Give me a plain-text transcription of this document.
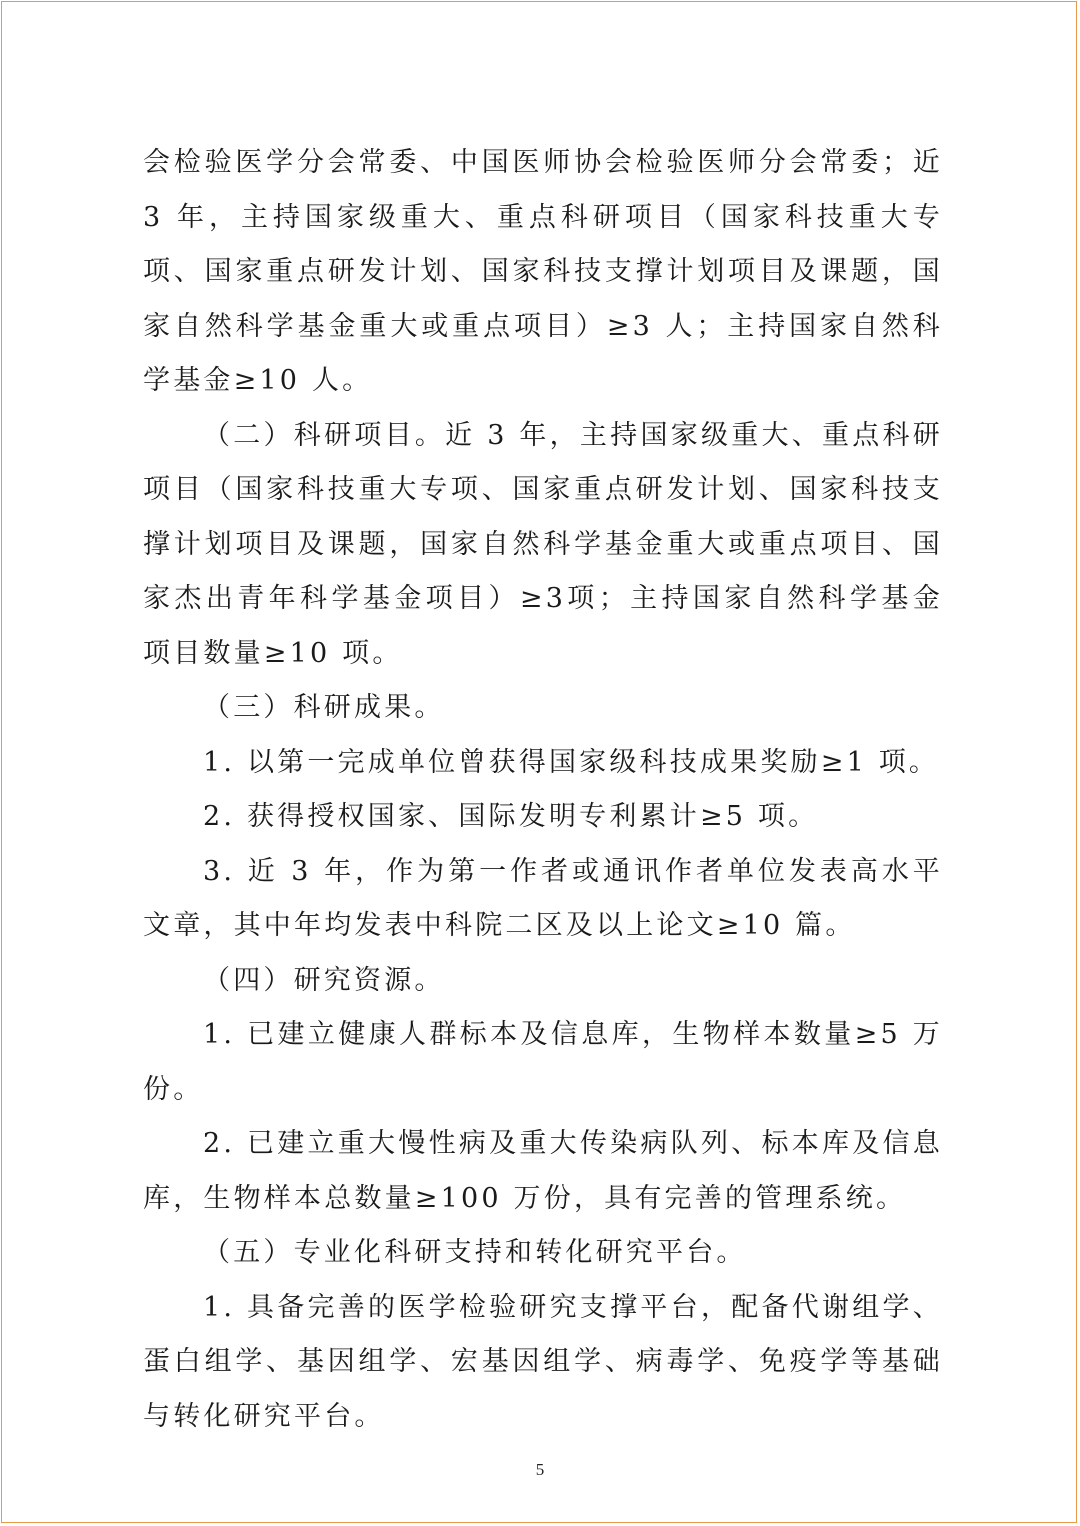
会检验医学分会常委、中国医师协会检验医师分会常委；近 3 年，主持国家级重大、重点科研项目（国家科技重大专项、国家重点研发计划、国家科技支撑计划项目及课题，国家自然科学基金重大或重点项目）≥3 人；主持国家自然科学基金≥10 人。

（二）科研项目。近 3 年，主持国家级重大、重点科研项目（国家科技重大专项、国家重点研发计划、国家科技支撑计划项目及课题，国家自然科学基金重大或重点项目、国家杰出青年科学基金项目）≥3项；主持国家自然科学基金项目数量≥10 项。

（三）科研成果。

1. 以第一完成单位曾获得国家级科技成果奖励≥1 项。

2. 获得授权国家、国际发明专利累计≥5 项。

3. 近 3 年，作为第一作者或通讯作者单位发表高水平文章，其中年均发表中科院二区及以上论文≥10 篇。

（四）研究资源。

1. 已建立健康人群标本及信息库，生物样本数量≥5 万份。

2. 已建立重大慢性病及重大传染病队列、标本库及信息库，生物样本总数量≥100 万份，具有完善的管理系统。

（五）专业化科研支持和转化研究平台。

1. 具备完善的医学检验研究支撑平台，配备代谢组学、蛋白组学、基因组学、宏基因组学、病毒学、免疫学等基础与转化研究平台。

5
